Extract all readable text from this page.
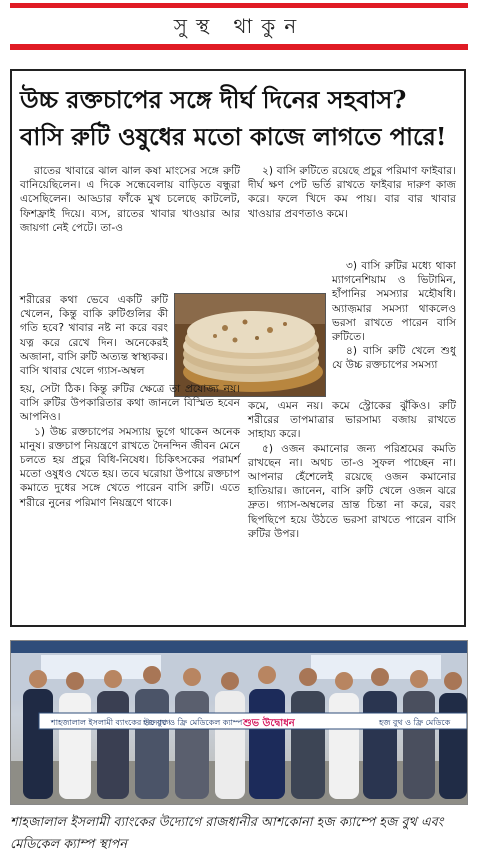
সুস্থ থাকুন
উচ্চ রক্তচাপের সঙ্গে দীর্ঘ দিনের সহবাস? বাসি রুটি ওষুধের মতো কাজে লাগতে পারে!

রাতের খাবারে ঝাল ঝাল কষা মাংসের সঙ্গে রুটি বানিয়েছিলেন। এ দিকে সন্ধেবেলায় বাড়িতে বন্ধুরা এসেছিলেন। আড্ডার ফাঁকে মুখ চলেছে কাটলেট, ফিশফ্রাই দিয়ে। ব্যস, রাতের খাবার খাওয়ার আর জায়গা নেই পেটে। তা-ও

শরীরের কথা ভেবে একটি রুটি খেলেন, কিন্তু বাকি রুটিগুলির কী গতি হবে? খাবার নষ্ট না করে বরং যত্ন করে রেখে দিন। অনেকেরই অজানা, বাসি রুটি অত্যন্ত স্বাস্থ্যকর। বাসি খাবার খেলে গ্যাস-অম্বল

হয়, সেটা ঠিক। কিন্তু রুটির ক্ষেত্রে তা প্রযোজ্য নয়। বাসি রুটির উপকারিতার কথা জানলে বিস্মিত হবেন আপনিও।

১) উচ্চ রক্তচাপের সমস্যায় ভুগে থাকেন অনেক মানুষ। রক্তচাপ নিয়ন্ত্রণে রাখতে দৈনন্দিন জীবন মেনে চলতে হয় প্রচুর বিধি-নিষেধ। চিকিৎসকের পরামর্শ মতো ওষুধও খেতে হয়। তবে ঘরোয়া উপায়ে রক্তচাপ কমাতে দুধের সঙ্গে খেতে পারেন বাসি রুটি। এতে শরীরে নুনের পরিমাণ নিয়ন্ত্রণে থাকে।

২) বাসি রুটিতে রয়েছে প্রচুর পরিমাণ ফাইবার। দীর্ঘ ক্ষণ পেট ভর্তি রাখতে ফাইবার দারুণ কাজ করে। ফলে খিদে কম পায়। বার বার খাবার খাওয়ার প্রবণতাও কমে।

৩) বাসি রুটির মধ্যে থাকা ম্যাগনেশিয়াম ও ভিটামিন, হাঁপানির সমস্যার মহৌষধি। অ্যাজ়মার সমস্যা থাকলেও ভরসা রাখতে পারেন বাসি রুটিতে।

৪) বাসি রুটি খেলে শুধু যে উচ্চ রক্তচাপের সমস্যা

কমে, এমন নয়। কমে স্ট্রোকের ঝুঁকিও। রুটি শরীরের তাপমাত্রার ভারসাম্য বজায় রাখতে সাহায্য করে।

৫) ওজন কমানোর জন্য পরিশ্রমের কমতি রাখছেন না। অথচ তা-ও সুফল পাচ্ছেন না। আপনার হেঁশেলেই রয়েছে ওজন কমানোর হাতিয়ার। জানেন, বাসি রুটি খেলে ওজন ঝরে দ্রুত। গ্যাস-অম্বলের ভ্রান্ত চিন্তা না করে, বরং ছিপছিপে হয়ে উঠতে ভরসা রাখতে পারেন বাসি রুটির উপর।

শাহজালাল ইসলামী ব্যাংকের উদ্যোগে
হজ বুথ ও ফ্রি মেডিকেল ক্যাম্প শুভ উদ্বোধন	হজ বুথ ও ফ্রি মেডিকে
শাহজালাল ইসলামী ব্যাংকের উদ্যোগে রাজধানীর আশকোনা হজ ক্যাম্পে হজ বুথ এবং মেডিকেল ক্যাম্প স্থাপন
